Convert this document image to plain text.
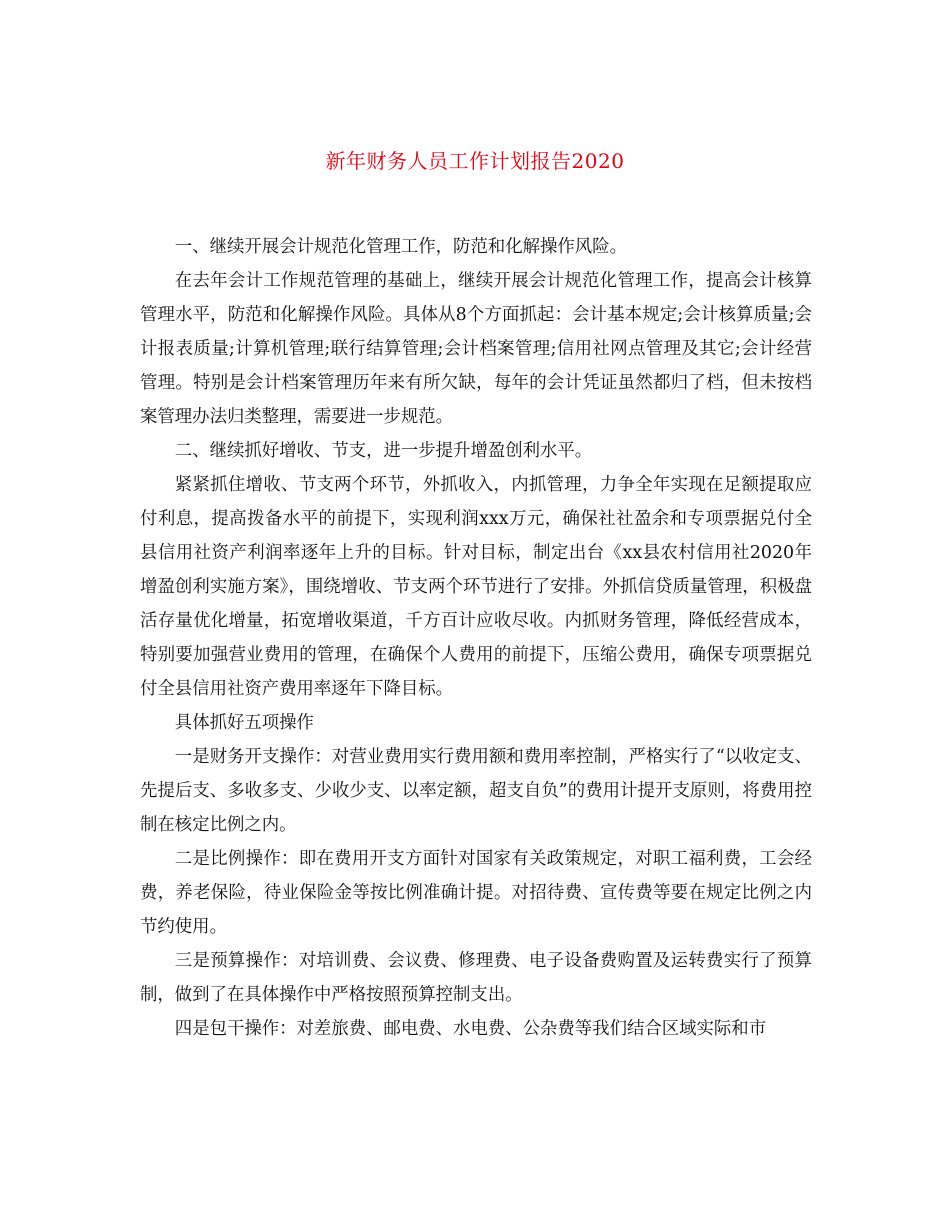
新年财务人员工作计划报告2020

一、继续开展会计规范化管理工作，防范和化解操作风险。

在去年会计工作规范管理的基础上，继续开展会计规范化管理工作，提高会计核算管理水平，防范和化解操作风险。具体从8个方面抓起：会计基本规定;会计核算质量;会计报表质量;计算机管理;联行结算管理;会计档案管理;信用社网点管理及其它;会计经营管理。特别是会计档案管理历年来有所欠缺，每年的会计凭证虽然都归了档，但未按档案管理办法归类整理，需要进一步规范。

二、继续抓好增收、节支，进一步提升增盈创利水平。

紧紧抓住增收、节支两个环节，外抓收入，内抓管理，力争全年实现在足额提取应付利息，提高拨备水平的前提下，实现利润xxx万元，确保社社盈余和专项票据兑付全县信用社资产利润率逐年上升的目标。针对目标，制定出台《xx县农村信用社2020年增盈创利实施方案》，围绕增收、节支两个环节进行了安排。外抓信贷质量管理，积极盘活存量优化增量，拓宽增收渠道，千方百计应收尽收。内抓财务管理，降低经营成本，特别要加强营业费用的管理，在确保个人费用的前提下，压缩公费用，确保专项票据兑付全县信用社资产费用率逐年下降目标。

具体抓好五项操作

一是财务开支操作：对营业费用实行费用额和费用率控制，严格实行了“以收定支、先提后支、多收多支、少收少支、以率定额，超支自负”的费用计提开支原则，将费用控制在核定比例之内。

二是比例操作：即在费用开支方面针对国家有关政策规定，对职工福利费，工会经费，养老保险，待业保险金等按比例准确计提。对招待费、宣传费等要在规定比例之内节约使用。

三是预算操作：对培训费、会议费、修理费、电子设备费购置及运转费实行了预算制，做到了在具体操作中严格按照预算控制支出。

四是包干操作：对差旅费、邮电费、水电费、公杂费等我们结合区域实际和市
